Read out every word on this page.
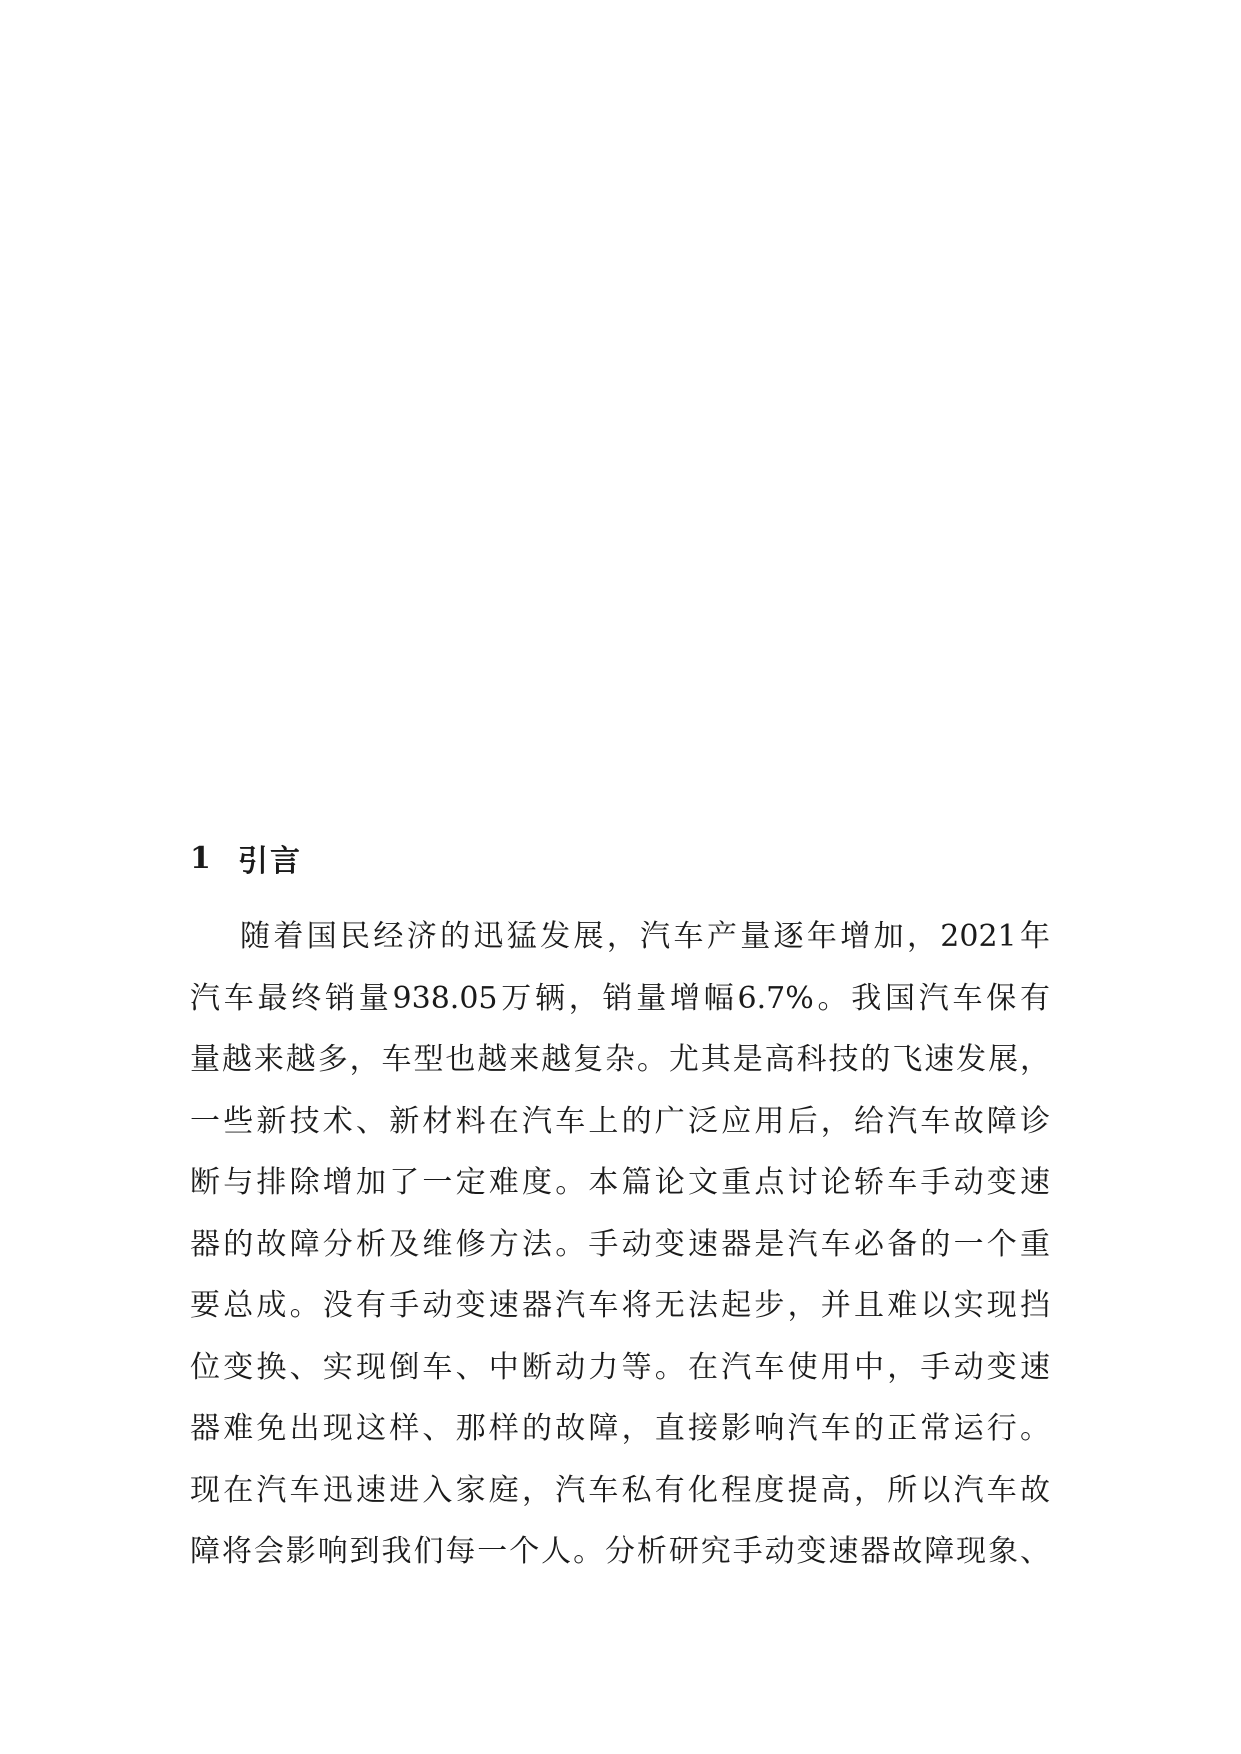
1 引言
随着国民经济的迅猛发展，汽车产量逐年增加，2021年
汽车最终销量938.05万辆，销量增幅6.7%。我国汽车保有
量越来越多，车型也越来越复杂。尤其是高科技的飞速发展，
一些新技术、新材料在汽车上的广泛应用后，给汽车故障诊
断与排除增加了一定难度。本篇论文重点讨论轿车手动变速
器的故障分析及维修方法。手动变速器是汽车必备的一个重
要总成。没有手动变速器汽车将无法起步，并且难以实现挡
位变换、实现倒车、中断动力等。在汽车使用中，手动变速
器难免出现这样、那样的故障，直接影响汽车的正常运行。
现在汽车迅速进入家庭，汽车私有化程度提高，所以汽车故
障将会影响到我们每一个人。分析研究手动变速器故障现象、
